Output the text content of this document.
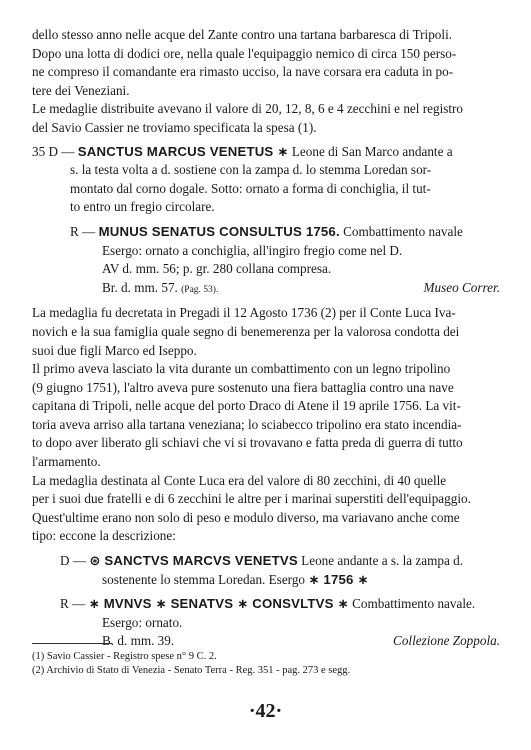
dello stesso anno nelle acque del Zante contro una tartana barbaresca di Tripoli.
Dopo una lotta di dodici ore, nella quale l'equipaggio nemico di circa 150 perso-
ne compreso il comandante era rimasto ucciso, la nave corsara era caduta in po-
tere dei Veneziani.

Le medaglie distribuite avevano il valore di 20, 12, 8, 6 e 4 zecchini e nel registro
del Savio Cassier ne troviamo specificata la spesa (1).

35 D — SANCTUS MARCUS VENETUS ∗ Leone di San Marco andante a
s. la testa volta a d. sostiene con la zampa d. lo stemma Loredan sor-
montato dal corno dogale. Sotto: ornato a forma di conchiglia, il tut-
to entro un fregio circolare.
R — MUNUS SENATUS CONSULTUS 1756. Combattimento navale
Esergo: ornato a conchiglia, all'ingiro fregio come nel D.
AV d. mm. 56; p. gr. 280 collana compresa.
Br. d. mm. 57. (Pag. 53).	Museo Correr.

La medaglia fu decretata in Pregadi il 12 Agosto 1736 (2) per il Conte Luca Iva-
novich e la sua famiglia quale segno di benemerenza per la valorosa condotta dei
suoi due figli Marco ed Iseppo.

Il primo aveva lasciato la vita durante un combattimento con un legno tripolino
(9 giugno 1751), l'altro aveva pure sostenuto una fiera battaglia contro una nave
capitana di Tripoli, nelle acque del porto Draco di Atene il 19 aprile 1756. La vit-
toria aveva arriso alla tartana veneziana; lo sciabecco tripolino era stato incendia-
to dopo aver liberato gli schiavi che vi si trovavano e fatta preda di guerra di tutto
l'armamento.

La medaglia destinata al Conte Luca era del valore di 80 zecchini, di 40 quelle
per i suoi due fratelli e di 6 zecchini le altre per i marinai superstiti dell'equipaggio.
Quest'ultime erano non solo di peso e modulo diverso, ma variavano anche come
tipo: eccone la descrizione:

D — ⊛ SANCTVS MARCVS VENETVS Leone andante a s. la zampa d.
sostenente lo stemma Loredan. Esergo ∗ 1756 ∗
R — ∗ MVNVS ∗ SENATVS ∗ CONSVLTVS ∗ Combattimento navale.
Esergo: ornato.
B. d. mm. 39.	Collezione Zoppola.
(1) Savio Cassier - Registro spese n° 9 C. 2.
(2) Archivio di Stato di Venezia - Senato Terra - Reg. 351 - pag. 273 e segg.
·42·
